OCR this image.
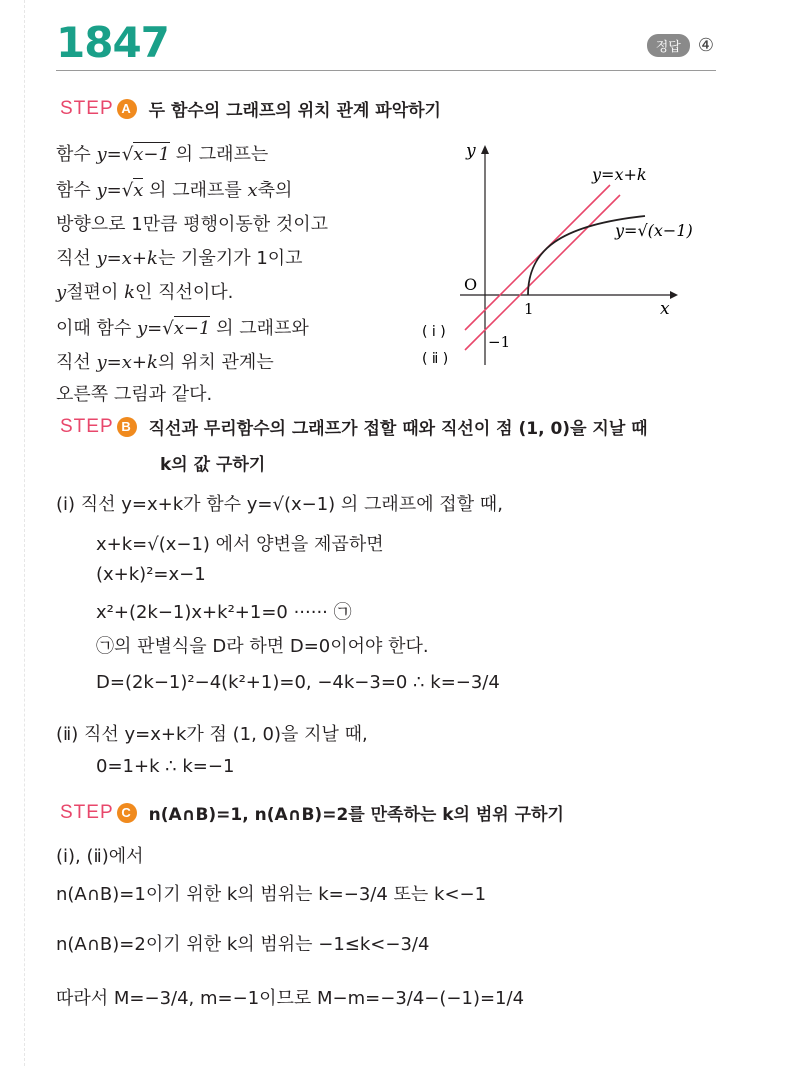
1847	정답 ④
STEP A 두 함수의 그래프의 위치 관계 파악하기
함수 y=√x−1 의 그래프는
함수 y=√x 의 그래프를 x축의
방향으로 1만큼 평행이동한 것이고
직선 y=x+k는 기울기가 1이고
y절편이 k인 직선이다.
이때 함수 y=√x−1 의 그래프와
직선 y=x+k의 위치 관계는
오른쪽 그림과 같다.
y
x
O
1
−1
y=x+k
y=√(x−1)
( ⅰ )
( ⅱ )
STEP B 직선과 무리함수의 그래프가 접할 때와 직선이 점 (1, 0)을 지날 때
k의 값 구하기
(ⅰ) 직선 y=x+k가 함수 y=√(x−1) 의 그래프에 접할 때,
x+k=√(x−1) 에서 양변을 제곱하면
(x+k)²=x−1
x²+(2k−1)x+k²+1=0 ······ ㉠
㉠의 판별식을 D라 하면 D=0이어야 한다.
D=(2k−1)²−4(k²+1)=0, −4k−3=0 ∴ k=−3/4
(ⅱ) 직선 y=x+k가 점 (1, 0)을 지날 때,
0=1+k ∴ k=−1
STEP C n(A∩B)=1, n(A∩B)=2를 만족하는 k의 범위 구하기
(ⅰ), (ⅱ)에서
n(A∩B)=1이기 위한 k의 범위는 k=−3/4 또는 k<−1
n(A∩B)=2이기 위한 k의 범위는 −1≤k<−3/4
따라서 M=−3/4, m=−1이므로 M−m=−3/4−(−1)=1/4
